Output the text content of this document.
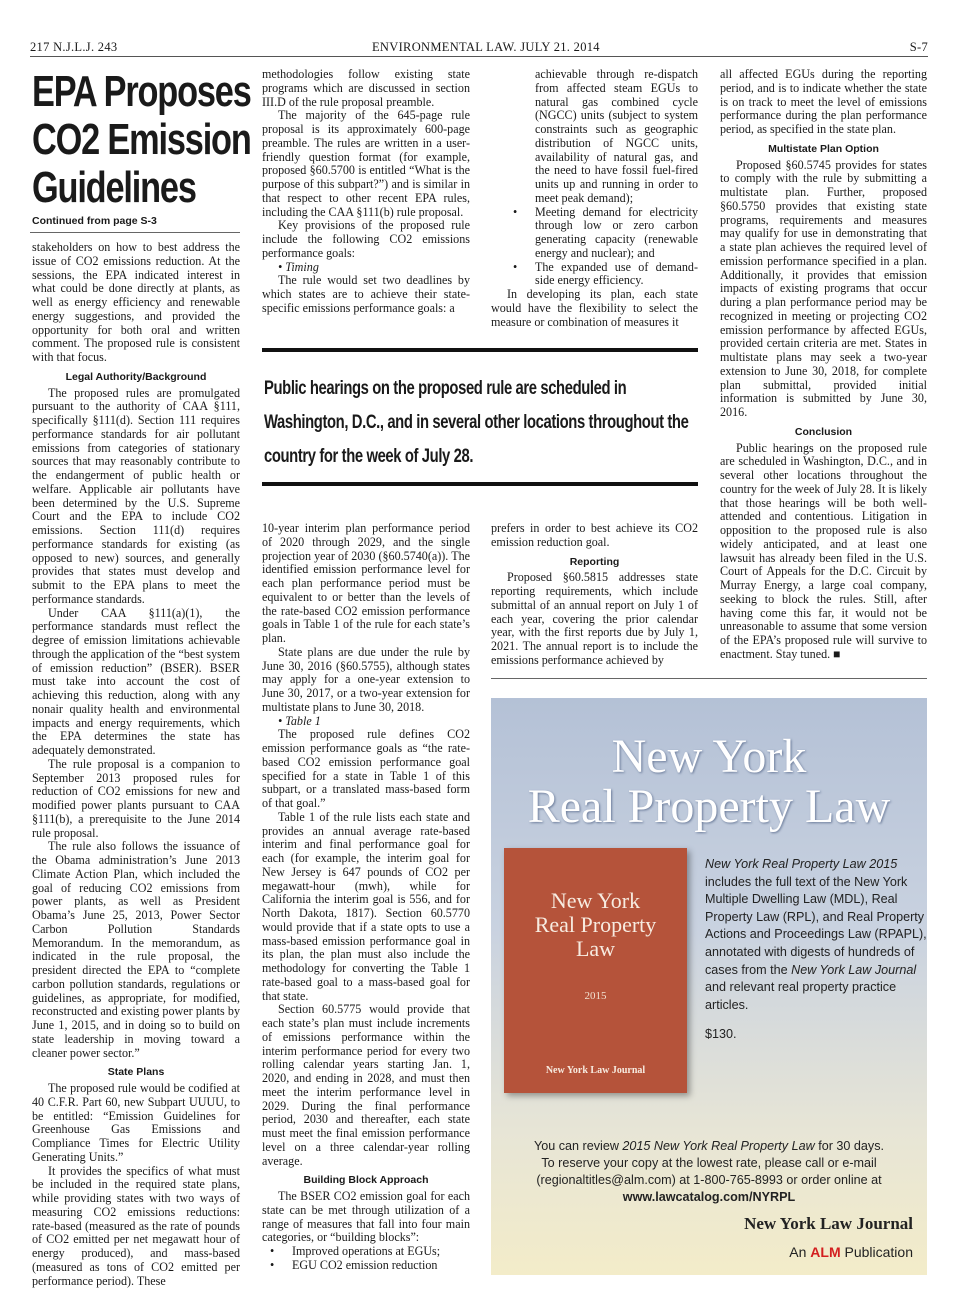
217 N.J.L.J. 243	ENVIRONMENTAL LAW. JULY 21. 2014	S-7
EPA Proposes
CO2 Emission
Guidelines
Continued from page S-3

stakeholders on how to best address the issue of CO2 emissions reduction. At the sessions, the EPA indicated interest in what could be done directly at plants, as well as energy efficiency and renewable energy suggestions, and provided the opportunity for both oral and written comment. The proposed rule is consistent with that focus.

Legal Authority/Background

The proposed rules are promulgated pursuant to the authority of CAA §111, specifically §111(d). Section 111 requires performance standards for air pollutant emissions from categories of stationary sources that may reasonably contribute to the endangerment of public health or welfare. Applicable air pollutants have been determined by the U.S. Supreme Court and the EPA to include CO2 emissions. Section 111(d) requires performance standards for existing (as opposed to new) sources, and generally provides that states must develop and submit to the EPA plans to meet the performance standards.

Under CAA §111(a)(1), the performance standards must reflect the degree of emission limitations achievable through the application of the “best system of emission reduction” (BSER). BSER must take into account the cost of achieving this reduction, along with any nonair quality health and environmental impacts and energy requirements, which the EPA determines the state has adequately demonstrated.

The rule proposal is a companion to September 2013 proposed rules for reduction of CO2 emissions for new and modified power plants pursuant to CAA §111(b), a prerequisite to the June 2014 rule proposal.

The rule also follows the issuance of the Obama administration’s June 2013 Climate Action Plan, which included the goal of reducing CO2 emissions from power plants, as well as President Obama’s June 25, 2013, Power Sector Carbon Pollution Standards Memorandum. In the memorandum, as indicated in the rule proposal, the president directed the EPA to “complete carbon pollution standards, regulations or guidelines, as appropriate, for modified, reconstructed and existing power plants by June 1, 2015, and in doing so to build on state leadership in moving toward a cleaner power sector.”

State Plans

The proposed rule would be codified at 40 C.F.R. Part 60, new Subpart UUUU, to be entitled: “Emission Guidelines for Greenhouse Gas Emissions and Compliance Times for Electric Utility Generating Units.”

It provides the specifics of what must be included in the required state plans, while providing states with two ways of measuring CO2 emissions reductions: rate-based (measured as the rate of pounds of CO2 emitted per net megawatt hour of energy produced), and mass-based (measured as tons of CO2 emitted per performance period). These

methodologies follow existing state programs which are discussed in section III.D of the rule proposal preamble.

The majority of the 645-page rule proposal is its approximately 600-page preamble. The rules are written in a user-friendly question format (for example, proposed §60.5700 is entitled “What is the purpose of this subpart?”) and is similar in that respect to other recent EPA rules, including the CAA §111(b) rule proposal.

Key provisions of the proposed rule include the following CO2 emissions performance goals:

• Timing

The rule would set two deadlines by which states are to achieve their state-specific emissions performance goals: a

achievable through re-dispatch from affected steam EGUs to natural gas combined cycle (NGCC) units (subject to system constraints such as geographic distribution of NGCC units, availability of natural gas, and the need to have fossil fuel-fired units up and running in order to meet peak demand);

• Meeting demand for electricity through low or zero carbon generating capacity (renewable energy and nuclear); and
• The expanded use of demand-side energy efficiency.

In developing its plan, each state would have the flexibility to select the measure or combination of measures it

Public hearings on the proposed rule are scheduled in Washington, D.C., and in several other locations throughout the country for the week of July 28.

10-year interim plan performance period of 2020 through 2029, and the single projection year of 2030 (§60.5740(a)). The identified emission performance level for each plan performance period must be equivalent to or better than the levels of the rate-based CO2 emission performance goals in Table 1 of the rule for each state’s plan.

State plans are due under the rule by June 30, 2016 (§60.5755), although states may apply for a one-year extension to June 30, 2017, or a two-year extension for multistate plans to June 30, 2018.

• Table 1

The proposed rule defines CO2 emission performance goals as “the rate-based CO2 emission performance goal specified for a state in Table 1 of this subpart, or a translated mass-based form of that goal.”

Table 1 of the rule lists each state and provides an annual average rate-based interim and final performance goal for each (for example, the interim goal for New Jersey is 647 pounds of CO2 per megawatt-hour (mwh), while for California the interim goal is 556, and for North Dakota, 1817). Section 60.5770 would provide that if a state opts to use a mass-based emission performance goal in its plan, the plan must also include the methodology for converting the Table 1 rate-based goal to a mass-based goal for that state.

Section 60.5775 would provide that each state’s plan must include increments of emissions performance within the interim performance period for every two rolling calendar years starting Jan. 1, 2020, and ending in 2028, and must then meet the interim performance level in 2029. During the final performance period, 2030 and thereafter, each state must meet the final emission performance level on a three calendar-year rolling average.

Building Block Approach

The BSER CO2 emission goal for each state can be met through utilization of a range of measures that fall into four main categories, or “building blocks”:

• Improved operations at EGUs;
• EGU CO2 emission reduction

prefers in order to best achieve its CO2 emission reduction goal.

Reporting

Proposed §60.5815 addresses state reporting requirements, which include submittal of an annual report on July 1 of each year, covering the prior calendar year, with the first reports due by July 1, 2021. The annual report is to include the emissions performance achieved by

all affected EGUs during the reporting period, and is to indicate whether the state is on track to meet the level of emissions performance during the plan performance period, as specified in the state plan.

Multistate Plan Option

Proposed §60.5745 provides for states to comply with the rule by submitting a multistate plan. Further, proposed §60.5750 provides that existing state programs, requirements and measures may qualify for use in demonstrating that a state plan achieves the required level of emission performance specified in a plan. Additionally, it provides that emission impacts of existing programs that occur during a plan performance period may be recognized in meeting or projecting CO2 emission performance by affected EGUs, provided certain criteria are met. States in multistate plans may seek a two-year extension to June 30, 2018, for complete plan submittal, provided initial information is submitted by June 30, 2016.

Conclusion

Public hearings on the proposed rule are scheduled in Washington, D.C., and in several other locations throughout the country for the week of July 28. It is likely that those hearings will be both well-attended and contentious. Litigation in opposition to the proposed rule is also widely anticipated, and at least one lawsuit has already been filed in the U.S. Court of Appeals for the D.C. Circuit by Murray Energy, a large coal company, seeking to block the rules. Still, after having come this far, it would not be unreasonable to assume that some version of the EPA’s proposed rule will survive to enactment. Stay tuned. ■

New York
Real Property Law
New York
Real Property
Law
2015
New York Law Journal
New York Real Property Law 2015 includes the full text of the New York Multiple Dwelling Law (MDL), Real Property Law (RPL), and Real Property Actions and Proceedings Law (RPAPL), annotated with digests of hundreds of cases from the New York Law Journal and relevant real property practice articles.
$130.
You can review 2015 New York Real Property Law for 30 days.
To reserve your copy at the lowest rate, please call or e-mail
(regionaltitles@alm.com) at 1-800-765-8993 or order online at
www.lawcatalog.com/NYRPL
New York Law Journal
An ALM Publication
